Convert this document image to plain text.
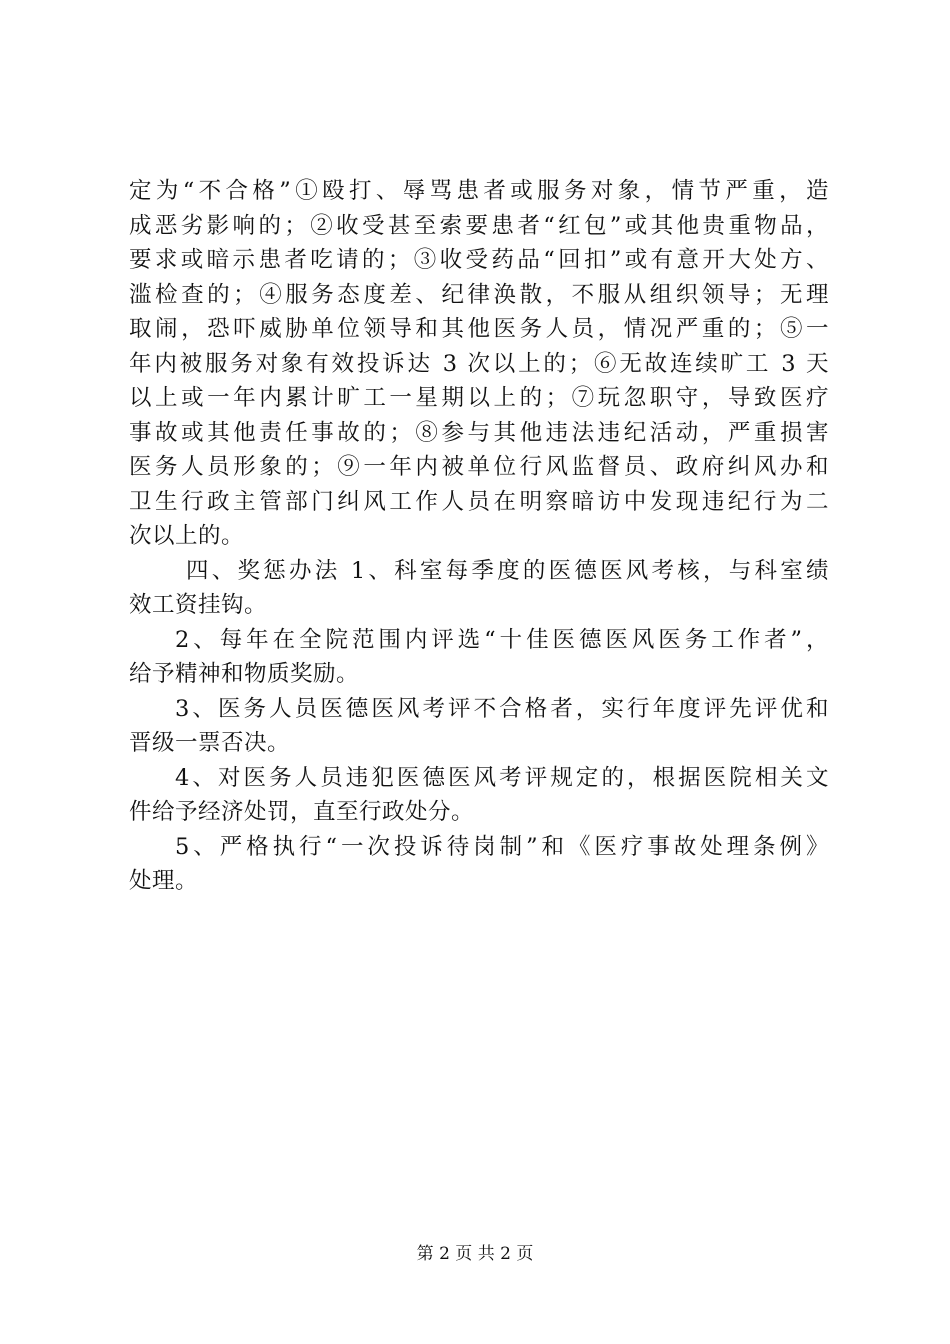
定为“不合格”①殴打、辱骂患者或服务对象，情节严重，造
成恶劣影响的；②收受甚至索要患者“红包”或其他贵重物品，
要求或暗示患者吃请的；③收受药品“回扣”或有意开大处方、
滥检查的；④服务态度差、纪律涣散，不服从组织领导；无理
取闹，恐吓威胁单位领导和其他医务人员，情况严重的；⑤一
年内被服务对象有效投诉达 3 次以上的；⑥无故连续旷工 3 天
以上或一年内累计旷工一星期以上的；⑦玩忽职守，导致医疗
事故或其他责任事故的；⑧参与其他违法违纪活动，严重损害
医务人员形象的；⑨一年内被单位行风监督员、政府纠风办和
卫生行政主管部门纠风工作人员在明察暗访中发现违纪行为二
次以上的。
四、奖惩办法 1、科室每季度的医德医风考核，与科室绩
效工资挂钩。
2、每年在全院范围内评选“十佳医德医风医务工作者”，
给予精神和物质奖励。
3、医务人员医德医风考评不合格者，实行年度评先评优和
晋级一票否决。
4、对医务人员违犯医德医风考评规定的，根据医院相关文
件给予经济处罚，直至行政处分。
5、严格执行“一次投诉待岗制”和《医疗事故处理条例》
处理。
第 2 页 共 2 页
